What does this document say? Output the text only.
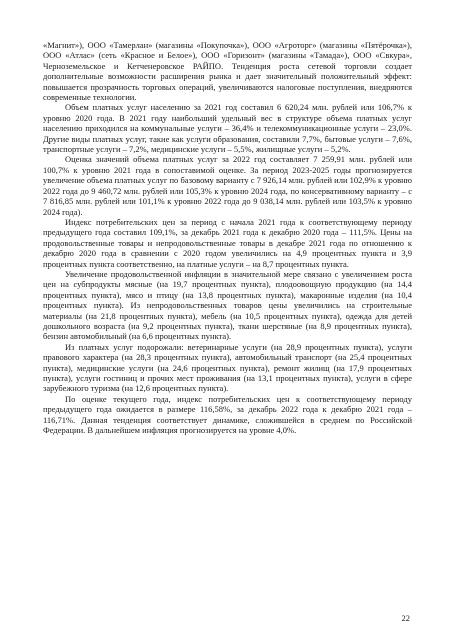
«Магнит»), ООО «Тамерлан» (магазины «Покупочка»), ООО «Агроторг» (магазины «Пятёрочка»), ООО «Атлас» (сеть «Красное и Белое»), ООО «Горизонт» (магазины «Тамада»), ООО «Свкура», Черноземельское и Кетченеровское РАЙПО. Тенденция роста сетевой торговли создает дополнительные возможности расширения рынка и дает значительный положительный эффект: повышается прозрачность торговых операций, увеличиваются налоговые поступления, внедряются современные технологии.

Объем платных услуг населению за 2021 год составил 6 620,24 млн. рублей или 106,7% к уровню 2020 года. В 2021 году наибольший удельный вес в структуре объема платных услуг населению приходился на коммунальные услуги – 36,4% и телекоммуникационные услуги – 23,0%. Другие виды платных услуг, такие как услуги образования, составили 7,7%, бытовые услуги – 7,6%, транспортные услуги – 7,2%, медицинские услуги – 5,5%, жилищные услуги – 5,2%.

Оценка значений объема платных услуг за 2022 год составляет 7 259,91 млн. рублей или 100,7% к уровню 2021 года в сопоставимой оценке. За период 2023-2025 годы прогнозируется увеличение объема платных услуг по базовому варианту с 7 926,14 млн. рублей или 102,9% к уровню 2022 года до 9 460,72 млн. рублей или 105,3% к уровню 2024 года, по консервативному варианту – с 7 816,85 млн. рублей или 101,1% к уровню 2022 года до 9 038,14 млн. рублей или 103,5% к уровню 2024 года).

Индекс потребительских цен за период с начала 2021 года к соответствующему периоду предыдущего года составил 109,1%, за декабрь 2021 года к декабрю 2020 года – 111,5%. Цены на продовольственные товары и непродовольственные товары в декабре 2021 года по отношению к декабрю 2020 года в сравнении с 2020 годом увеличились на 4,9 процентных пункта и 3,9 процентных пункта соответственно, на платные услуги – на 8,7 процентных пункта.

Увеличение продовольственной инфляции в значительной мере связано с увеличением роста цен на субпродукты мясные (на 19,7 процентных пункта), плодоовощную продукцию (на 14,4 процентных пункта), мясо и птицу (на 13,8 процентных пункта), макаронные изделия (на 10,4 процентных пункта). Из непродовольственных товаров цены увеличились на строительные материалы (на 21,8 процентных пункта), мебель (на 10,5 процентных пункта), одежда для детей дошкольного возраста (на 9,2 процентных пункта), ткани шерстяные (на 8,9 процентных пункта), бензин автомобильный (на 6,6 процентных пункта).

Из платных услуг подорожали: ветеринарные услуги (на 28,9 процентных пункта), услуги правового характера (на 28,3 процентных пункта), автомобильный транспорт (на 25,4 процентных пункта), медицинские услуги (на 24,6 процентных пункта), ремонт жилищ (на 17,9 процентных пункта), услуги гостиниц и прочих мест проживания (на 13,1 процентных пункта), услуги в сфере зарубежного туризма (на 12,6 процентных пункта).

По оценке текущего года, индекс потребительских цен к соответствующему периоду предыдущего года ожидается в размере 116,58%, за декабрь 2022 года к декабрю 2021 года – 116,71%. Данная тенденция соответствует динамике, сложившейся в среднем по Российской Федерации. В дальнейшем инфляция прогнозируется на уровне 4,0%.

22
